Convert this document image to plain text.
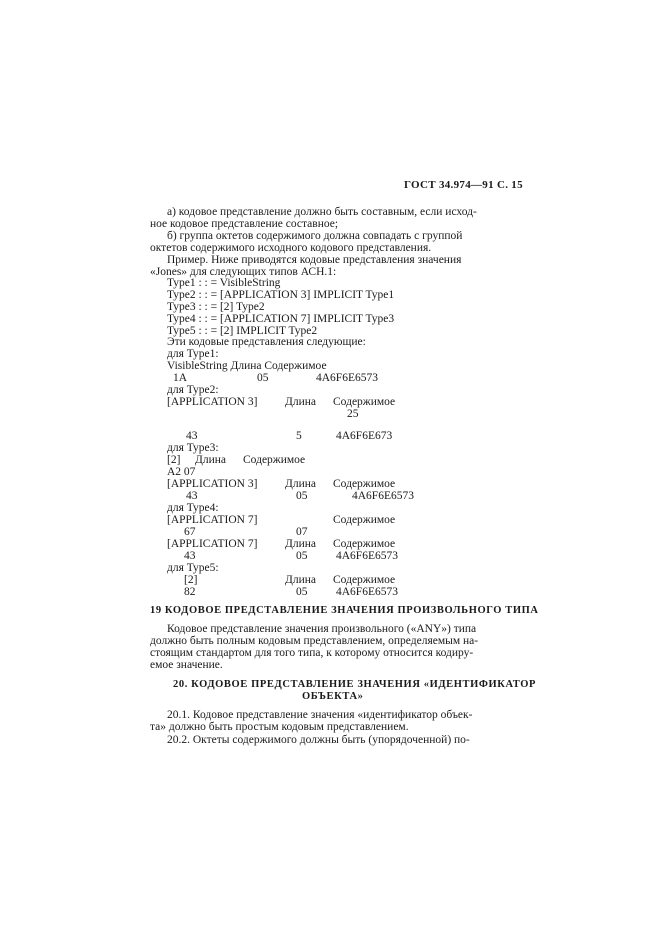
ГОСТ 34.974—91 С. 15
а) кодовое представление должно быть составным, если исход-
ное кодовое представление составное;
б) группа октетов содержимого должна совпадать с группой
октетов содержимого исходного кодового представления.
Пример. Ниже приводятся кодовые представления значения
«Jones» для следующих типов АСН.1:
Type1 : : = VisibleString
Type2 : : = [APPLICATION 3] IMPLICIT Type1
Type3 : : = [2] Type2
Type4 : : = [APPLICATION 7] IMPLICIT Type3
Type5 : : = [2] IMPLICIT Type2
Эти кодовые представления следующие:
для Type1:
VisibleString Длина Содержимое
1A	05	4A6F6E6573
для Type2:
[APPLICATION 3] Длина Содержимое
25
43	5	4A6F6E673
для Type3:
[2] Длина Содержимое
A2 07
[APPLICATION 3] Длина Содержимое
43	05	4A6F6E6573
для Type4:
[APPLICATION 7]	Содержимое
67	07
[APPLICATION 7] Длина Содержимое
43	05 4A6F6E6573
для Type5:
[2]	Длина Содержимое
82	05 4A6F6E6573
19 КОДОВОЕ ПРЕДСТАВЛЕНИЕ ЗНАЧЕНИЯ ПРОИЗВОЛЬНОГО ТИПА
Кодовое представление значения произвольного («ANY») типа
должно быть полным кодовым представлением, определяемым на-
стоящим стандартом для того типа, к которому относится кодиру-
емое значение.
20. КОДОВОЕ ПРЕДСТАВЛЕНИЕ ЗНАЧЕНИЯ «ИДЕНТИФИКАТОР
ОБЪЕКТА»
20.1. Кодовое представление значения «идентификатор объек-
та» должно быть простым кодовым представлением.
20.2. Октеты содержимого должны быть (упорядоченной) по-
